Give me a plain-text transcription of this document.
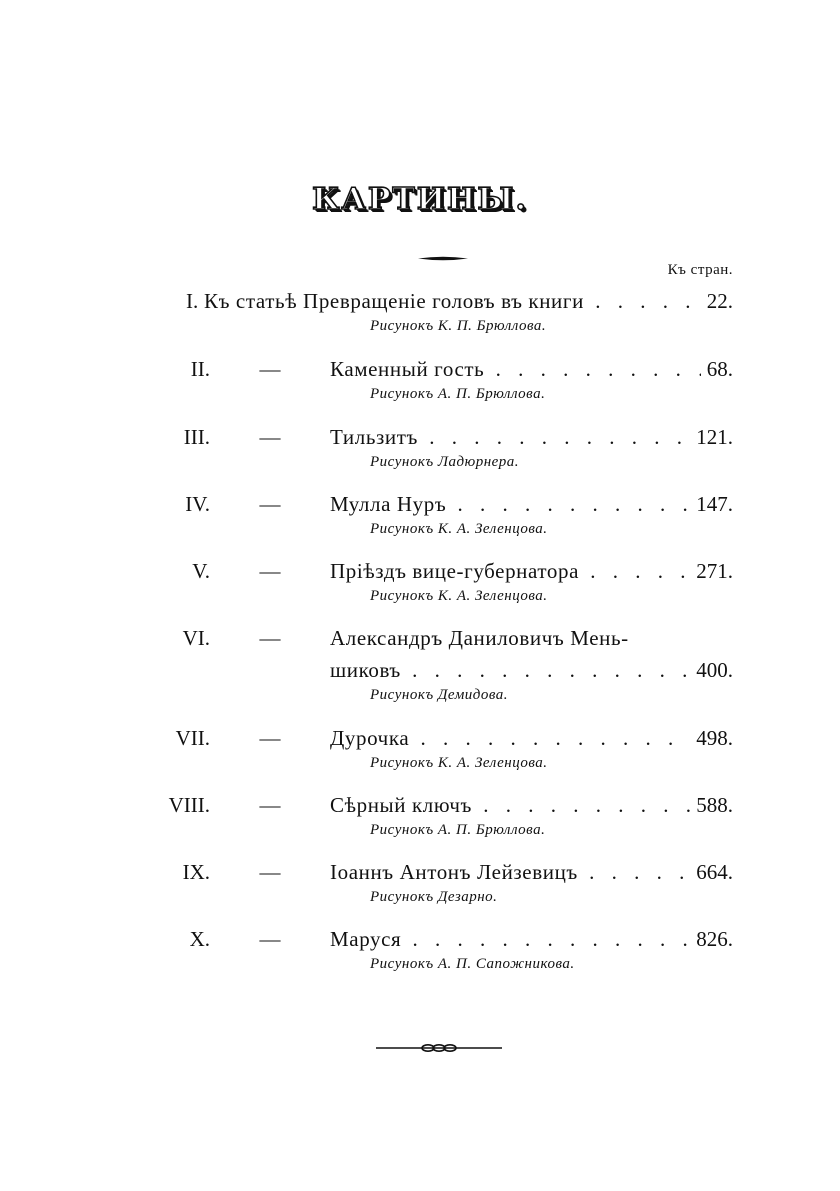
КАРТИНЫ.
Къ стран.
I. Къ статьѣ Превращеніе головъ въ книги . . .	22.
Рисунокъ К. П. Брюллова.
II. — Каменный гость . . .	68.
Рисунокъ А. П. Брюллова.
III. — Тильзитъ . . .	121.
Рисунокъ Ладюрнера.
IV. — Мулла Нуръ . . .	147.
Рисунокъ К. А. Зеленцова.
V. — Пріѣздъ вице-губернатора . . .	271.
Рисунокъ К. А. Зеленцова.
VI. — Александръ Даниловичъ Мень-
шиковъ . . .	400.
Рисунокъ Демидова.
VII. — Дурочка . . .	498.
Рисунокъ К. А. Зеленцова.
VIII. — Сѣрный ключъ . . .	588.
Рисунокъ А. П. Брюллова.
IX. — Іоаннъ Антонъ Лейзевицъ . . .	664.
Рисунокъ Дезарно.
X. — Маруся . . .	826.
Рисунокъ А. П. Сапожникова.
